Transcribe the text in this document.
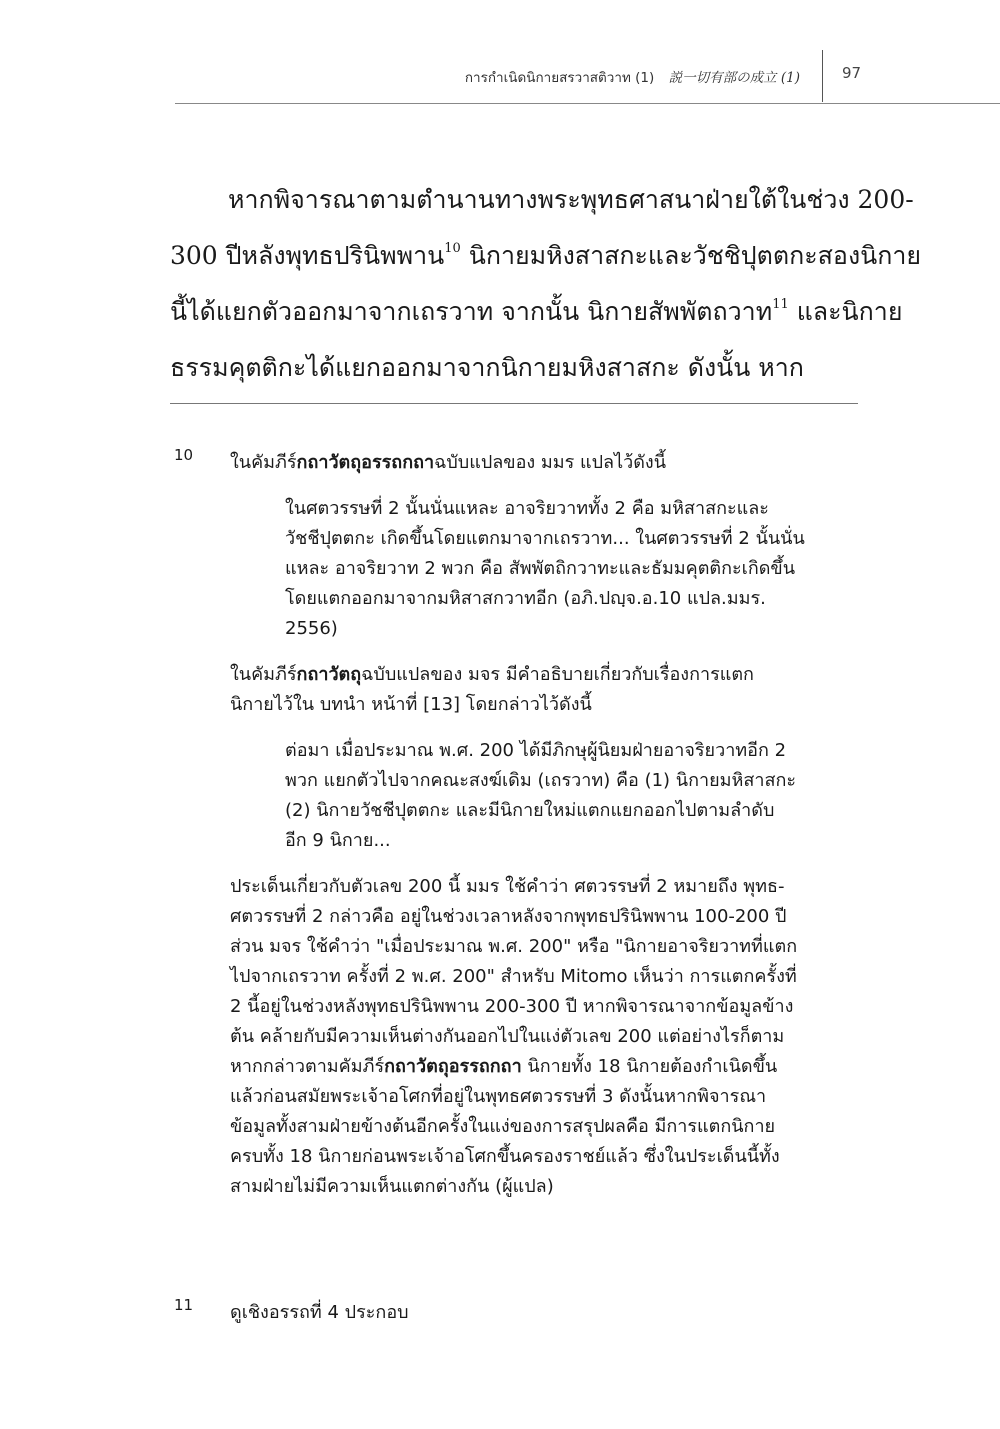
การกำเนิดนิกายสรวาสติวาท (1) 説一切有部の成立 (1)	97

หากพิจารณาตามตำนานทางพระพุทธศาสนาฝ่ายใต้ในช่วง 200-

300 ปีหลังพุทธปรินิพพาน$^{10}$ นิกายมหิงสาสกะและวัชชิปุตตกะสองนิกาย

นี้ได้แยกตัวออกมาจากเถรวาท จากนั้น นิกายสัพพัตถวาท$^{11}$ และนิกาย

ธรรมคุตติกะได้แยกออกมาจากนิกายมหิงสาสกะ ดังนั้น หาก

10 ในคัมภีร์กถาวัตถุอรรถกถาฉบับแปลของ มมร แปลไว้ดังนี้

ในศตวรรษที่ 2 นั้นนั่นแหละ อาจริยวาททั้ง 2 คือ มหิสาสกะและ
วัชชีปุตตกะ เกิดขึ้นโดยแตกมาจากเถรวาท... ในศตวรรษที่ 2 นั้นนั่น
แหละ อาจริยวาท 2 พวก คือ สัพพัตถิกวาทะและธัมมคุตติกะเกิดขึ้น
โดยแตกออกมาจากมหิสาสกวาทอีก (อภิ.ปญฺจ.อ.10 แปล.มมร.
2556)

ในคัมภีร์กถาวัตถุฉบับแปลของ มจร มีคำอธิบายเกี่ยวกับเรื่องการแตก
นิกายไว้ใน บทนำ หน้าที่ [13] โดยกล่าวไว้ดังนี้

ต่อมา เมื่อประมาณ พ.ศ. 200 ได้มีภิกษุผู้นิยมฝ่ายอาจริยวาทอีก 2
พวก แยกตัวไปจากคณะสงฆ์เดิม (เถรวาท) คือ (1) นิกายมหิสาสกะ
(2) นิกายวัชชีปุตตกะ และมีนิกายใหม่แตกแยกออกไปตามลำดับ
อีก 9 นิกาย...

ประเด็นเกี่ยวกับตัวเลข 200 นี้ มมร ใช้คำว่า ศตวรรษที่ 2 หมายถึง พุทธ-
ศตวรรษที่ 2 กล่าวคือ อยู่ในช่วงเวลาหลังจากพุทธปรินิพพาน 100-200 ปี
ส่วน มจร ใช้คำว่า "เมื่อประมาณ พ.ศ. 200" หรือ "นิกายอาจริยวาทที่แตก
ไปจากเถรวาท ครั้งที่ 2 พ.ศ. 200" สำหรับ Mitomo เห็นว่า การแตกครั้งที่
2 นี้อยู่ในช่วงหลังพุทธปรินิพพาน 200-300 ปี หากพิจารณาจากข้อมูลข้าง
ต้น คล้ายกับมีความเห็นต่างกันออกไปในแง่ตัวเลข 200 แต่อย่างไรก็ตาม
หากกล่าวตามคัมภีร์กถาวัตถุอรรถกถา นิกายทั้ง 18 นิกายต้องกำเนิดขึ้น
แล้วก่อนสมัยพระเจ้าอโศกที่อยู่ในพุทธศตวรรษที่ 3 ดังนั้นหากพิจารณา
ข้อมูลทั้งสามฝ่ายข้างต้นอีกครั้งในแง่ของการสรุปผลคือ มีการแตกนิกาย
ครบทั้ง 18 นิกายก่อนพระเจ้าอโศกขึ้นครองราชย์แล้ว ซึ่งในประเด็นนี้ทั้ง
สามฝ่ายไม่มีความเห็นแตกต่างกัน (ผู้แปล)

11 ดูเชิงอรรถที่ 4 ประกอบ
